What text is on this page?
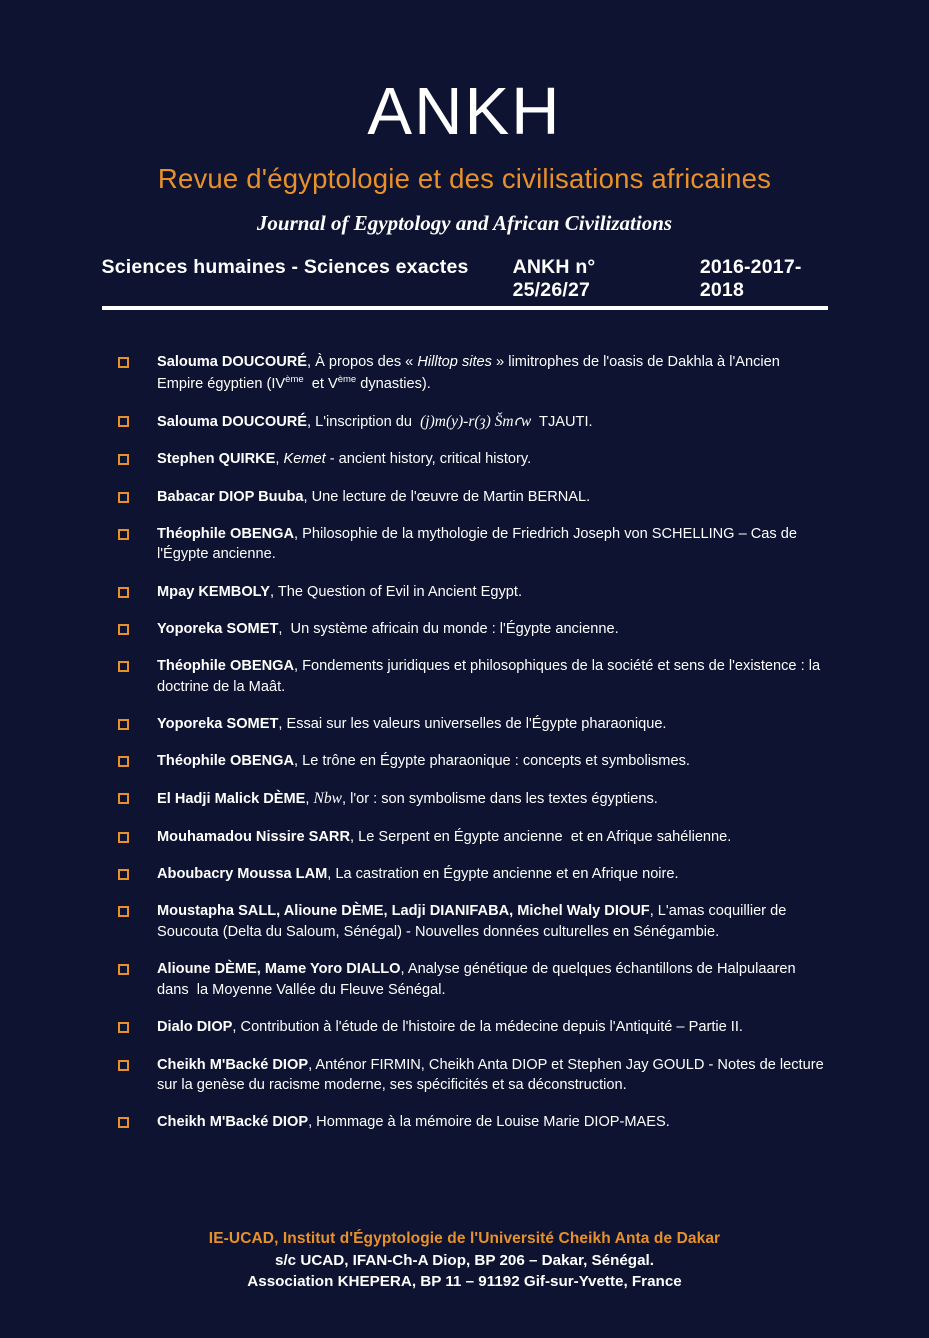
ANKH
Revue d'égyptologie et des civilisations africaines
Journal of Egyptology and African Civilizations
Sciences humaines - Sciences exactes ANKH n° 25/26/27
2016-2017-2018
Salouma DOUCOURÉ, À propos des « Hilltop sites » limitrophes de l'oasis de Dakhla à l'Ancien Empire égyptien (IVème  et Vème dynasties).
Salouma DOUCOURÉ, L'inscription du  (j)m(y)-r(ȝ) Šmꜥw  TJAUTI.
Stephen QUIRKE, Kemet - ancient history, critical history.
Babacar DIOP Buuba, Une lecture de l'œuvre de Martin BERNAL.
Théophile OBENGA, Philosophie de la mythologie de Friedrich Joseph von SCHELLING – Cas de l'Égypte ancienne.
Mpay KEMBOLY, The Question of Evil in Ancient Egypt.
Yoporeka SOMET,  Un système africain du monde : l'Égypte ancienne.
Théophile OBENGA, Fondements juridiques et philosophiques de la société et sens de l'existence : la doctrine de la Maât.
Yoporeka SOMET, Essai sur les valeurs universelles de l'Égypte pharaonique.
Théophile OBENGA, Le trône en Égypte pharaonique : concepts et symbolismes.
El Hadji Malick DÈME, Nbw, l'or : son symbolisme dans les textes égyptiens.
Mouhamadou Nissire SARR, Le Serpent en Égypte ancienne  et en Afrique sahélienne.
Aboubacry Moussa LAM, La castration en Égypte ancienne et en Afrique noire.
Moustapha SALL, Alioune DÈME, Ladji DIANIFABA, Michel Waly DIOUF, L'amas coquillier de Soucouta (Delta du Saloum, Sénégal) - Nouvelles données culturelles en Sénégambie.
Alioune DÈME, Mame Yoro DIALLO, Analyse génétique de quelques échantillons de Halpulaaren dans  la Moyenne Vallée du Fleuve Sénégal.
Dialo DIOP, Contribution à l'étude de l'histoire de la médecine depuis l'Antiquité – Partie II.
Cheikh M'Backé DIOP, Anténor FIRMIN, Cheikh Anta DIOP et Stephen Jay GOULD - Notes de lecture sur la genèse du racisme moderne, ses spécificités et sa déconstruction.
Cheikh M'Backé DIOP, Hommage à la mémoire de Louise Marie DIOP-MAES.
IE-UCAD, Institut d'Égyptologie de l'Université Cheikh Anta de Dakar
s/c UCAD, IFAN-Ch-A Diop, BP 206 – Dakar, Sénégal.
Association KHEPERA, BP 11 – 91192 Gif-sur-Yvette, France
